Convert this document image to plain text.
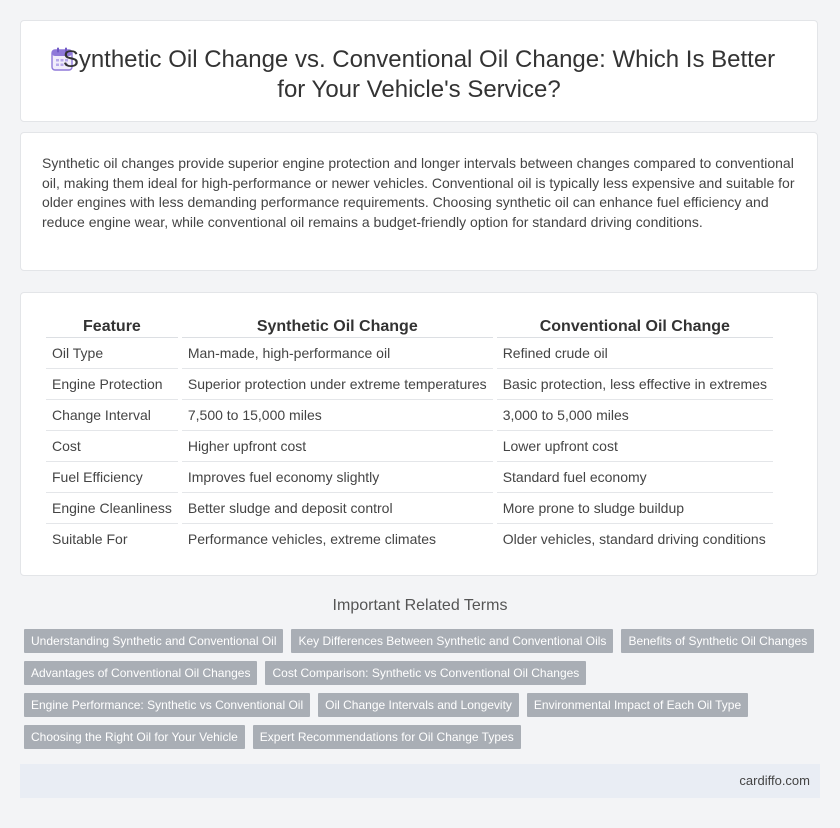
Synthetic Oil Change vs. Conventional Oil Change: Which Is Better for Your Vehicle's Service?
Synthetic oil changes provide superior engine protection and longer intervals between changes compared to conventional oil, making them ideal for high-performance or newer vehicles. Conventional oil is typically less expensive and suitable for older engines with less demanding performance requirements. Choosing synthetic oil can enhance fuel efficiency and reduce engine wear, while conventional oil remains a budget-friendly option for standard driving conditions.
Feature	Synthetic Oil Change	Conventional Oil Change
Oil Type	Man-made, high-performance oil	Refined crude oil
Engine Protection	Superior protection under extreme temperatures	Basic protection, less effective in extremes
Change Interval	7,500 to 15,000 miles	3,000 to 5,000 miles
Cost	Higher upfront cost	Lower upfront cost
Fuel Efficiency	Improves fuel economy slightly	Standard fuel economy
Engine Cleanliness	Better sludge and deposit control	More prone to sludge buildup
Suitable For	Performance vehicles, extreme climates	Older vehicles, standard driving conditions
Important Related Terms
Understanding Synthetic and Conventional Oil	Key Differences Between Synthetic and Conventional Oils	Benefits of Synthetic Oil Changes
Advantages of Conventional Oil Changes	Cost Comparison: Synthetic vs Conventional Oil Changes
Engine Performance: Synthetic vs Conventional Oil	Oil Change Intervals and Longevity	Environmental Impact of Each Oil Type
Choosing the Right Oil for Your Vehicle	Expert Recommendations for Oil Change Types
cardiffo.com
